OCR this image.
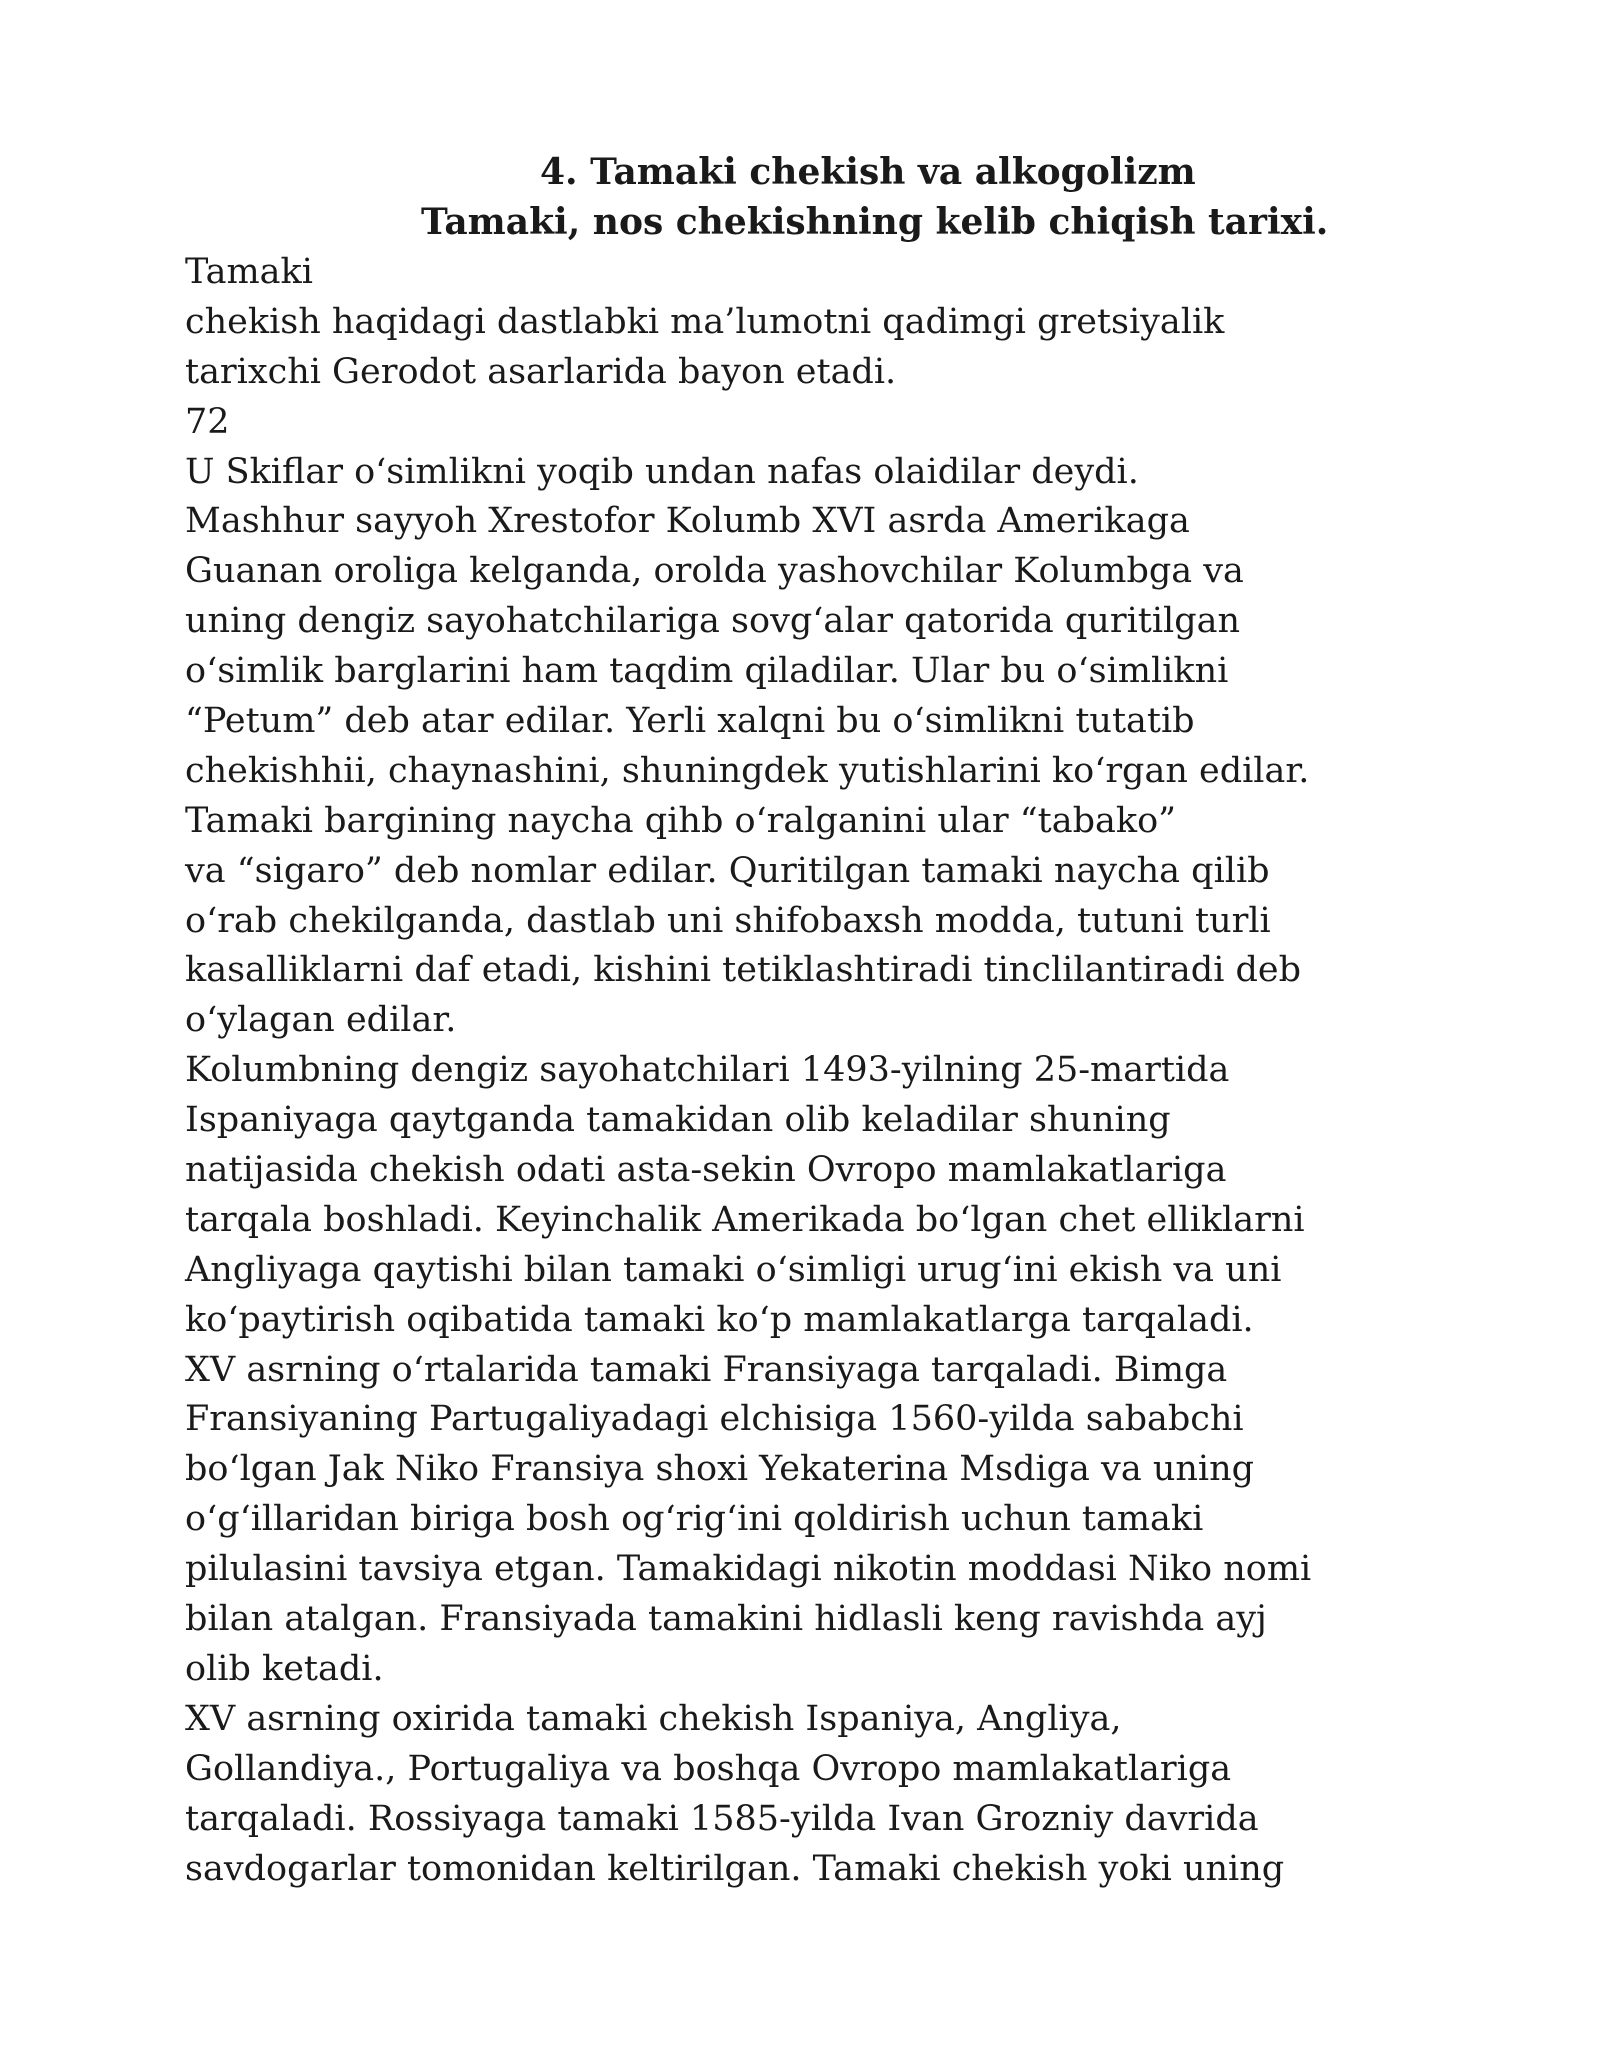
4. Tamaki chekish va alkogolizm
Tamaki, nos chekishning kelib chiqish tarixi.
Tamaki
chekish haqidagi dastlabki ma’lumotni qadimgi gretsiyalik
tarixchi Gerodot asarlarida bayon etadi.
72
U Skiflar o‘simlikni yoqib undan nafas olaidilar deydi.
Mashhur sayyoh Xrestofor Kolumb XVI asrda Amerikaga
Guanan oroliga kelganda, orolda yashovchilar Kolumbga va
uning dengiz sayohatchilariga sovg‘alar qatorida quritilgan
o‘simlik barglarini ham taqdim qiladilar. Ular bu o‘simlikni
“Petum” deb atar edilar. Yerli xalqni bu o‘simlikni tutatib
chekishhii, chaynashini, shuningdek yutishlarini ko‘rgan edilar.
Tamaki bargining naycha qihb o‘ralganini ular “tabako”
va “sigaro” deb nomlar edilar. Quritilgan tamaki naycha qilib
o‘rab chekilganda, dastlab uni shifobaxsh modda, tutuni turli
kasalliklarni daf etadi, kishini tetiklashtiradi tinclilantiradi deb
o‘ylagan edilar.
Kolumbning dengiz sayohatchilari 1493-yilning 25-martida
Ispaniyaga qaytganda tamakidan olib keladilar shuning
natijasida chekish odati asta-sekin Ovropo mamlakatlariga
tarqala boshladi. Keyinchalik Amerikada bo‘lgan chet elliklarni
Angliyaga qaytishi bilan tamaki o‘simligi urug‘ini ekish va uni
ko‘paytirish oqibatida tamaki ko‘p mamlakatlarga tarqaladi.
XV asrning o‘rtalarida tamaki Fransiyaga tarqaladi. Bimga
Fransiyaning Partugaliyadagi elchisiga 1560-yilda sababchi
bo‘lgan Jak Niko Fransiya shoxi Yekaterina Msdiga va uning
o‘g‘illaridan biriga bosh og‘rig‘ini qoldirish uchun tamaki
pilulasini tavsiya etgan. Tamakidagi nikotin moddasi Niko nomi
bilan atalgan. Fransiyada tamakini hidlasli keng ravishda ayj
olib ketadi.
XV asrning oxirida tamaki chekish Ispaniya, Angliya,
Gollandiya., Portugaliya va boshqa Ovropo mamlakatlariga
tarqaladi. Rossiyaga tamaki 1585-yilda Ivan Grozniy davrida
savdogarlar tomonidan keltirilgan. Tamaki chekish yoki uning
